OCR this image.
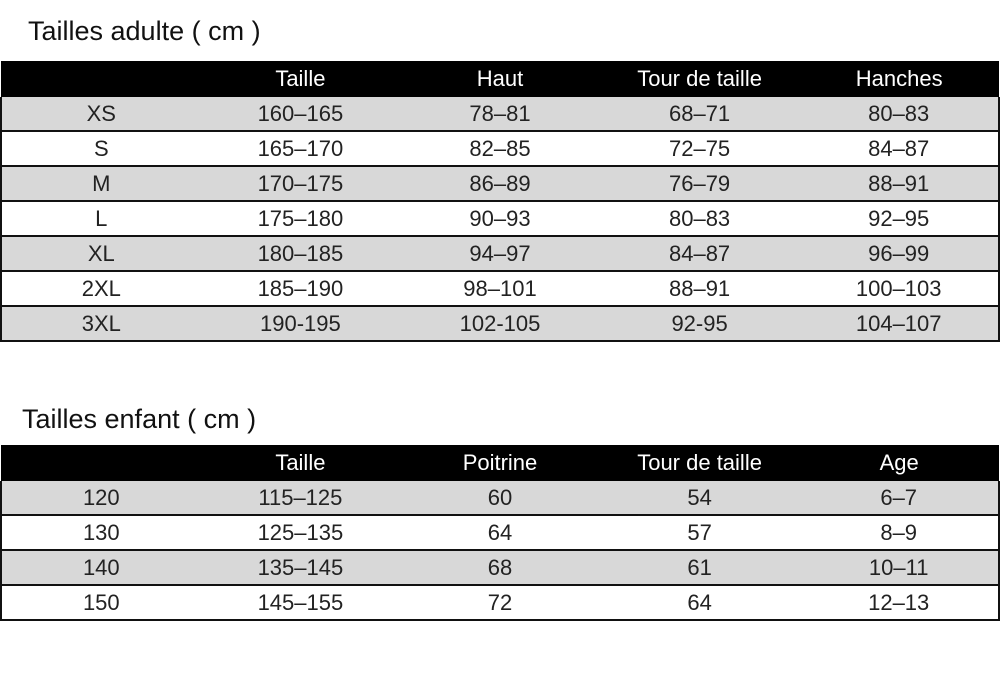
Tailles adulte ( cm )
	Taille	Haut	Tour de taille	Hanches
XS	160–165	78–81	68–71	80–83
S	165–170	82–85	72–75	84–87
M	170–175	86–89	76–79	88–91
L	175–180	90–93	80–83	92–95
XL	180–185	94–97	84–87	96–99
2XL	185–190	98–101	88–91	100–103
3XL	190-195	102-105	92-95	104–107
Tailles enfant ( cm )
	Taille	Poitrine	Tour de taille	Age
120	115–125	60	54	6–7
130	125–135	64	57	8–9
140	135–145	68	61	10–11
150	145–155	72	64	12–13
